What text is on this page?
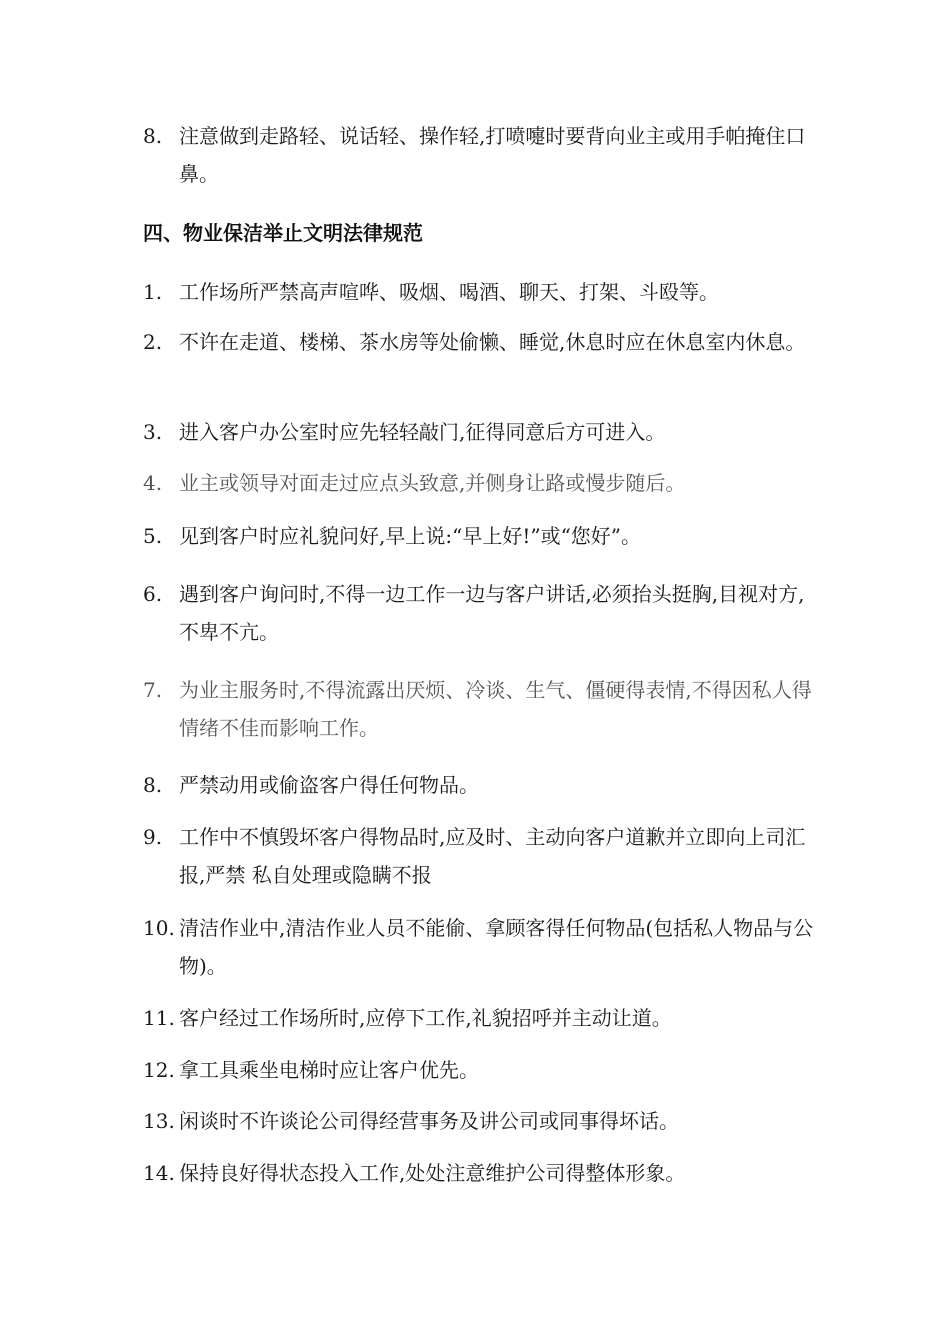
8. 注意做到走路轻、说话轻、操作轻,打喷嚏时要背向业主或用手帕掩住口鼻。
四、物业保洁举止文明法律规范
1. 工作场所严禁高声喧哗、吸烟、喝酒、聊天、打架、斗殴等。
2. 不许在走道、楼梯、茶水房等处偷懒、睡觉,休息时应在休息室内休息。
3. 进入客户办公室时应先轻轻敲门,征得同意后方可进入。
4. 业主或领导对面走过应点头致意,并侧身让路或慢步随后。
5. 见到客户时应礼貌问好,早上说:“早上好!”或“您好”。
6. 遇到客户询问时,不得一边工作一边与客户讲话,必须抬头挺胸,目视对方,不卑不亢。
7. 为业主服务时,不得流露出厌烦、冷谈、生气、僵硬得表情,不得因私人得情绪不佳而影响工作。
8. 严禁动用或偷盗客户得任何物品。
9. 工作中不慎毁坏客户得物品时,应及时、主动向客户道歉并立即向上司汇报,严禁 私自处理或隐瞒不报
10. 清洁作业中,清洁作业人员不能偷、拿顾客得任何物品(包括私人物品与公物)。
11. 客户经过工作场所时,应停下工作,礼貌招呼并主动让道。
12. 拿工具乘坐电梯时应让客户优先。
13. 闲谈时不许谈论公司得经营事务及讲公司或同事得坏话。
14. 保持良好得状态投入工作,处处注意维护公司得整体形象。
